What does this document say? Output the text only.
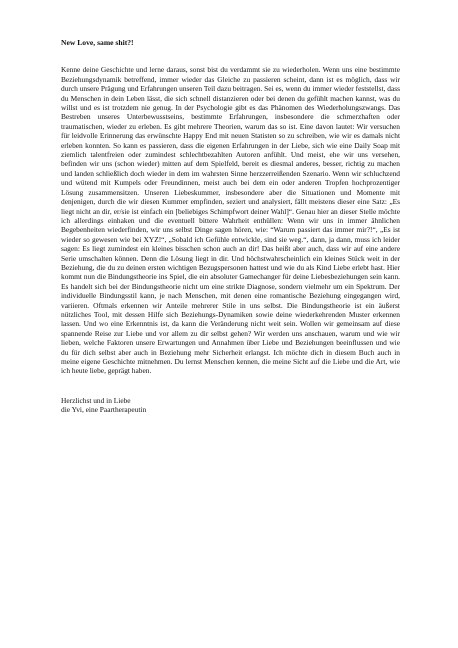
New Love, same shit?!

Kenne deine Geschichte und lerne daraus, sonst bist du verdammt sie zu wiederholen. Wenn uns eine bestimmte Beziehungsdynamik betreffend, immer wieder das Gleiche zu passieren scheint, dann ist es möglich, dass wir durch unsere Prägung und Erfahrungen unseren Teil dazu beitragen. Sei es, wenn du immer wieder feststellst, dass du Menschen in dein Leben lässt, die sich schnell distanzieren oder bei denen du gefühlt machen kannst, was du willst und es ist trotzdem nie genug. In der Psychologie gibt es das Phänomen des Wiederholungszwangs. Das Bestreben unseres Unterbewusstseins, bestimmte Erfahrungen, insbesondere die schmerzhaften oder traumatischen, wieder zu erleben. Es gibt mehrere Theorien, warum das so ist. Eine davon lautet: Wir versuchen für leidvolle Erinnerung das erwünschte Happy End mit neuen Statisten so zu schreiben, wie wir es damals nicht erleben konnten. So kann es passieren, dass die eigenen Erfahrungen in der Liebe, sich wie eine Daily Soap mit ziemlich talentfreien oder zumindest schlechtbezahlten Autoren anfühlt. Und meist, ehe wir uns versehen, befinden wir uns (schon wieder) mitten auf dem Spielfeld, bereit es diesmal anderes, besser, richtig zu machen und landen schließlich doch wieder in dem im wahrsten Sinne herzzerreißenden Szenario. Wenn wir schluchzend und wütend mit Kumpels oder Freundinnen, meist auch bei dem ein oder anderen Tropfen hochprozentiger Lösung zusammensitzen. Unseren Liebeskummer, insbesondere aber die Situationen und Momente mit denjenigen, durch die wir diesen Kummer empfinden, seziert und analysiert, fällt meistens dieser eine Satz: „Es liegt nicht an dir, er/sie ist einfach ein [beliebiges Schimpfwort deiner Wahl]“. Genau hier an dieser Stelle möchte ich allerdings einhaken und die eventuell bittere Wahrheit enthüllen: Wenn wir uns in immer ähnlichen Begebenheiten wiederfinden, wir uns selbst Dinge sagen hören, wie: “Warum passiert das immer mir?!“, „Es ist wieder so gewesen wie bei XYZ!“, „Sobald ich Gefühle entwickle, sind sie weg.“, dann, ja dann, muss ich leider sagen: Es liegt zumindest ein kleines bisschen schon auch an dir! Das heißt aber auch, dass wir auf eine andere Serie umschalten können. Denn die Lösung liegt in dir. Und höchstwahrscheinlich ein kleines Stück weit in der Beziehung, die du zu deinen ersten wichtigen Bezugspersonen hattest und wie du als Kind Liebe erlebt hast. Hier kommt nun die Bindungstheorie ins Spiel, die ein absoluter Gamechanger für deine Liebesbeziehungen sein kann. Es handelt sich bei der Bindungstheorie nicht um eine strikte Diagnose, sondern vielmehr um ein Spektrum. Der individuelle Bindungsstil kann, je nach Menschen, mit denen eine romantische Beziehung eingegangen wird, variieren. Oftmals erkennen wir Anteile mehrerer Stile in uns selbst. Die Bindungstheorie ist ein äußerst nützliches Tool, mit dessen Hilfe sich Beziehungs-Dynamiken sowie deine wiederkehrenden Muster erkennen lassen. Und wo eine Erkenntnis ist, da kann die Veränderung nicht weit sein. Wollen wir gemeinsam auf diese spannende Reise zur Liebe und vor allem zu dir selbst gehen? Wir werden uns anschauen, warum und wie wir lieben, welche Faktoren unsere Erwartungen und Annahmen über Liebe und Beziehungen beeinflussen und wie du für dich selbst aber auch in Beziehung mehr Sicherheit erlangst. Ich möchte dich in diesem Buch auch in meine eigene Geschichte mitnehmen. Du lernst Menschen kennen, die meine Sicht auf die Liebe und die Art, wie ich heute liebe, geprägt haben.

Herzlichst und in Liebe
die Yvi, eine Paartherapeutin
